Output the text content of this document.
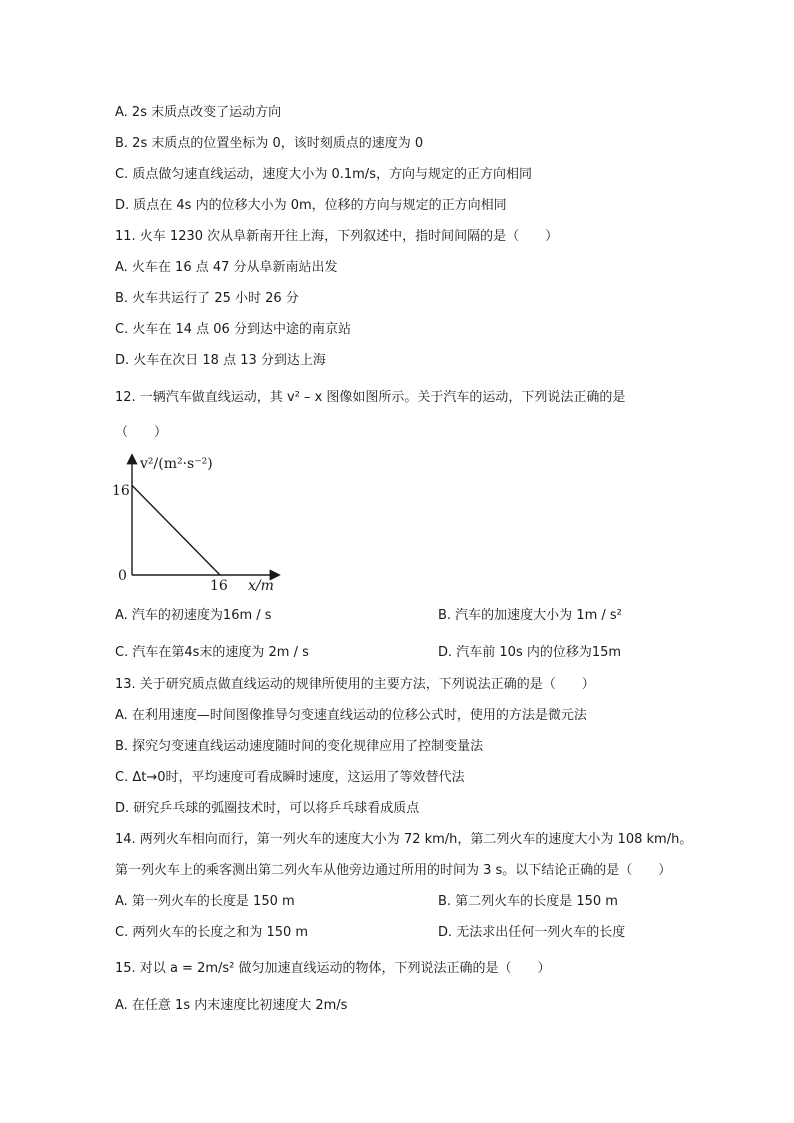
A. 2s 末质点改变了运动方向
B. 2s 末质点的位置坐标为 0，该时刻质点的速度为 0
C. 质点做匀速直线运动，速度大小为 0.1m/s，方向与规定的正方向相同
D. 质点在 4s 内的位移大小为 0m，位移的方向与规定的正方向相同
11. 火车 1230 次从阜新南开往上海，下列叙述中，指时间间隔的是（　　）
A. 火车在 16 点 47 分从阜新南站出发
B. 火车共运行了 25 小时 26 分
C. 火车在 14 点 06 分到达中途的南京站
D. 火车在次日 18 点 13 分到达上海
12. 一辆汽车做直线运动，其 v² – x 图像如图所示。关于汽车的运动，下列说法正确的是
（　　）
v²/(m²·s⁻²)
x/m
16
16
0
A. 汽车的初速度为16m / s	B. 汽车的加速度大小为 1m / s²
C. 汽车在第4s末的速度为 2m / s	D. 汽车前 10s 内的位移为15m
13. 关于研究质点做直线运动的规律所使用的主要方法，下列说法正确的是（　　）
A. 在利用速度—时间图像推导匀变速直线运动的位移公式时，使用的方法是微元法
B. 探究匀变速直线运动速度随时间的变化规律应用了控制变量法
C. Δt→0时，平均速度可看成瞬时速度，这运用了等效替代法
D. 研究乒乓球的弧圈技术时，可以将乒乓球看成质点
14. 两列火车相向而行，第一列火车的速度大小为 72 km/h，第二列火车的速度大小为 108 km/h。
第一列火车上的乘客测出第二列火车从他旁边通过所用的时间为 3 s。以下结论正确的是（　　）
A. 第一列火车的长度是 150 m	B. 第二列火车的长度是 150 m
C. 两列火车的长度之和为 150 m	D. 无法求出任何一列火车的长度
15. 对以 a = 2m/s² 做匀加速直线运动的物体，下列说法正确的是（　　）
A. 在任意 1s 内末速度比初速度大 2m/s
